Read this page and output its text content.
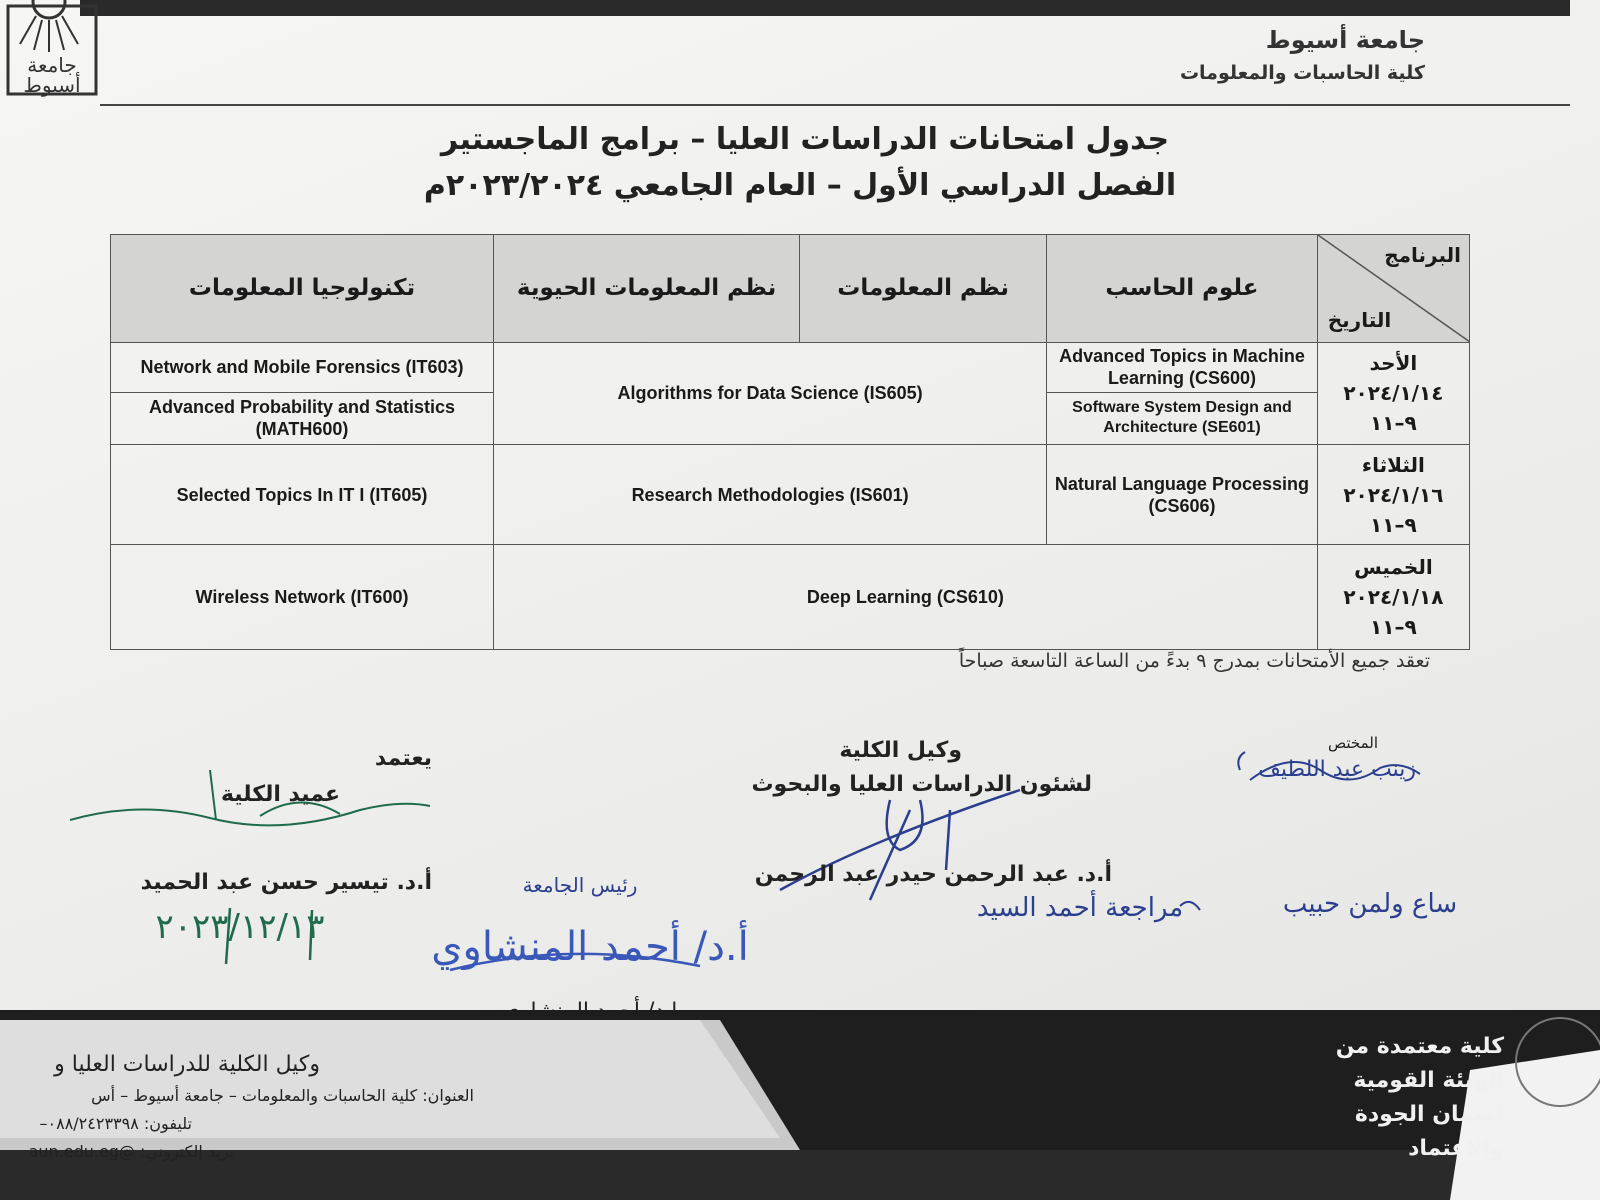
جامعة
أسيوط
جامعة أسيوط
كلية الحاسبات والمعلومات
جدول امتحانات الدراسات العليا – برامج الماجستير
الفصل الدراسي الأول – العام الجامعي ٢٠٢٣/٢٠٢٤م
البرنامج
التاريخ	علوم الحاسب	نظم المعلومات	نظم المعلومات الحيوية	تكنولوجيا المعلومات

الأحد
٢٠٢٤/١/١٤
٩–١١	Advanced Topics in Machine Learning (CS600)	Algorithms for Data Science (IS605)		Network and Mobile Forensics (IT603)
	Software System Design and Architecture (SE601)			Advanced Probability and Statistics (MATH600)

الثلاثاء
٢٠٢٤/١/١٦
٩–١١	Natural Language Processing (CS606)	Research Methodologies (IS601)		Selected Topics In IT I (IT605)

الخميس
٢٠٢٤/١/١٨
٩–١١	Deep Learning (CS610)			Wireless Network (IT600)
تعقد جميع الأمتحانات بمدرج ٩ بدءً من الساعة التاسعة صباحاً
المختص
زينب عبد اللطيف
يعتمد
عميد الكلية
أ.د. تيسير حسن عبد الحميد
٢٠٢٣/١٢/١٣
وكيل الكلية
لشئون الدراسات العليا والبحوث
أ.د. عبد الرحمن حيدر عبد الرحمن
مراجعة أحمد السيد	ساع ولمن حبيب
رئيس الجامعة
أ.د/ أحمد المنشاوي
وكيل الكلية للدراسات العليا و
العنوان: كلية الحاسبات والمعلومات – جامعة أسيوط – أس
تليفون: ٠٨٨/٢٤٢٣٣٩٨–
بريد إلكتروني: @aun.edu.eg
كلية معتمدة من الهيئة القومية لضمان الجودة والاعتماد
